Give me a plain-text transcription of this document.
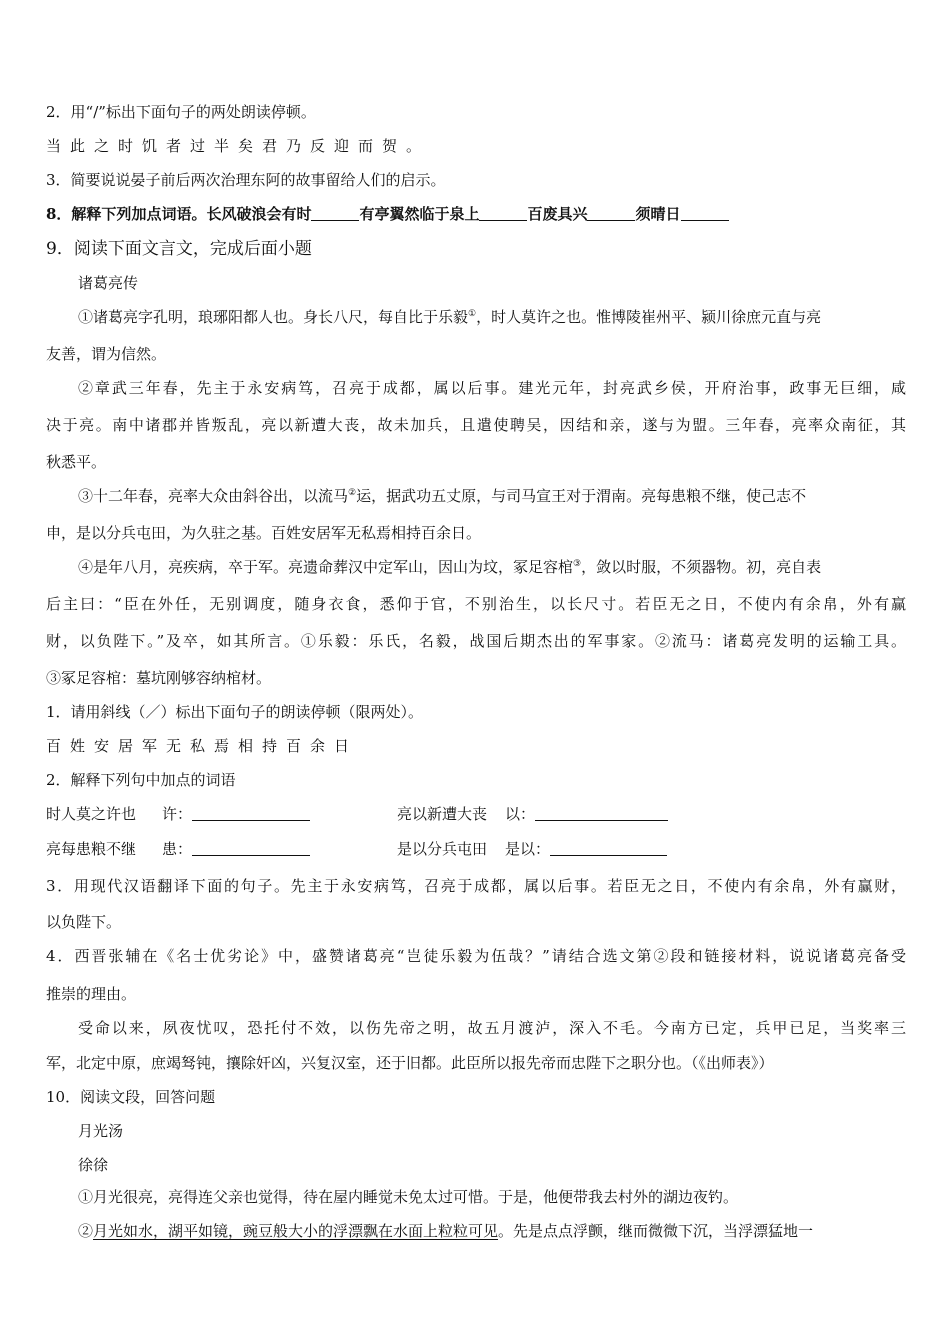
2．用“/”标出下面句子的两处朗读停顿。
当此之时饥者过半矣君乃反迎而贺。
3．简要说说晏子前后两次治理东阿的故事留给人们的启示。
8．解释下列加点词语。长风破浪会有时	有亭翼然临于泉上	百废具兴	须晴日
9．阅读下面文言文，完成后面小题
诸葛亮传
①诸葛亮字孔明，琅琊阳都人也。身长八尺，每自比于乐毅①，时人莫许之也。惟博陵崔州平、颍川徐庶元直与亮
友善，谓为信然。
②章武三年春，先主于永安病笃，召亮于成都，属以后事。建光元年，封亮武乡侯，开府治事，政事无巨细，咸
决于亮。南中诸郡并皆叛乱，亮以新遭大丧，故未加兵，且遣使聘吴，因结和亲，遂与为盟。三年春，亮率众南征，其
秋悉平。
③十二年春，亮率大众由斜谷出，以流马②运，据武功五丈原，与司马宣王对于渭南。亮每患粮不继，使己志不
申，是以分兵屯田，为久驻之基。百姓安居军无私焉相持百余日。
④是年八月，亮疾病，卒于军。亮遗命葬汉中定军山，因山为坟，冢足容棺③，敛以时服，不须器物。初，亮自表
后主曰：“臣在外任，无别调度，随身衣食，悉仰于官，不别治生，以长尺寸。若臣无之日，不使内有余帛，外有赢
财，以负陛下。”及卒，如其所言。①乐毅：乐氏，名毅，战国后期杰出的军事家。②流马：诸葛亮发明的运输工具。
③冢足容棺：墓坑刚够容纳棺材。
1．请用斜线（／）标出下面句子的朗读停顿（限两处）。
百姓安居军无私焉相持百余日
2．解释下列句中加点的词语
时人莫之许也 许：	亮以新遭大丧 以：
亮每患粮不继 患：	是以分兵屯田 是以：
3．用现代汉语翻译下面的句子。先主于永安病笃，召亮于成都，属以后事。若臣无之日，不使内有余帛，外有赢财，
以负陛下。
4．西晋张辅在《名士优劣论》中，盛赞诸葛亮“岂徒乐毅为伍哉？”请结合选文第②段和链接材料，说说诸葛亮备受
推崇的理由。
受命以来，夙夜忧叹，恐托付不效，以伤先帝之明，故五月渡泸，深入不毛。今南方已定，兵甲已足，当奖率三
军，北定中原，庶竭驽钝，攘除奸凶，兴复汉室，还于旧都。此臣所以报先帝而忠陛下之职分也。（《出师表》）
10．阅读文段，回答问题
月光汤
徐徐
①月光很亮，亮得连父亲也觉得，待在屋内睡觉未免太过可惜。于是，他便带我去村外的湖边夜钓。
②月光如水，湖平如镜，豌豆般大小的浮漂飘在水面上粒粒可见。先是点点浮颤，继而微微下沉，当浮漂猛地一
